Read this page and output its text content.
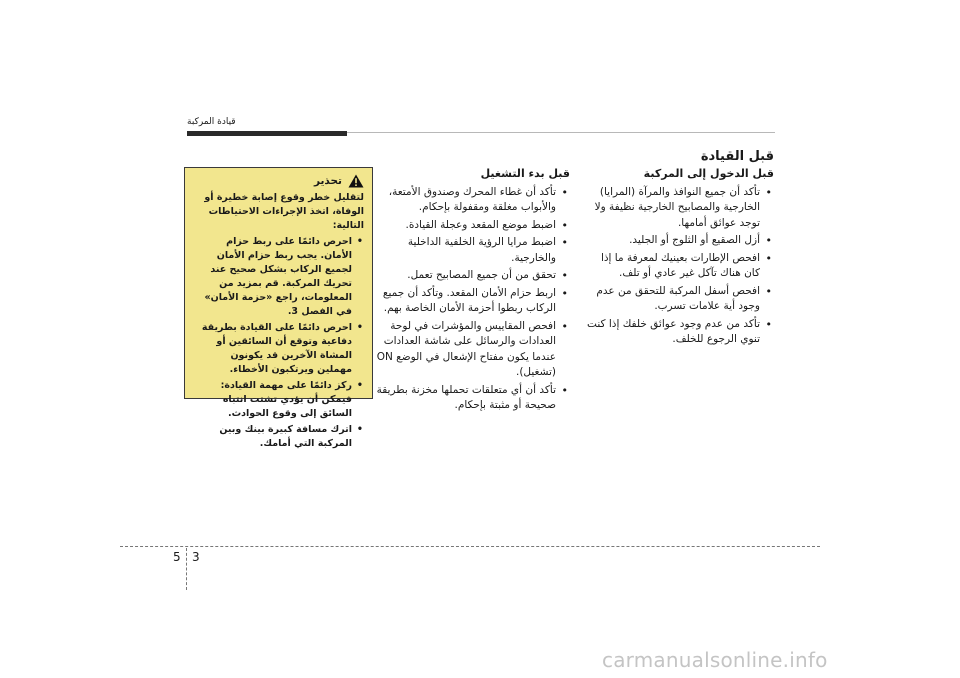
قيادة المركبة
قبل القيادة
قبل الدخول إلى المركبة
• تأكد أن جميع النوافذ والمرآة (المرايا) الخارجية والمصابيح الخارجية نظيفة ولا توجد عوائق أمامها.
• أزل الصقيع أو الثلوج أو الجليد.
• افحص الإطارات بعينيك لمعرفة ما إذا كان هناك تآكل غير عادي أو تلف.
• افحص أسفل المركبة للتحقق من عدم وجود أية علامات تسرب.
• تأكد من عدم وجود عوائق خلفك إذا كنت تنوي الرجوع للخلف.
قبل بدء التشغيل
• تأكد أن غطاء المحرك وصندوق الأمتعة، والأبواب مغلقة ومقفولة بإحكام.
• اضبط موضع المقعد وعجلة القيادة.
• اضبط مرايا الرؤية الخلفية الداخلية والخارجية.
• تحقق من أن جميع المصابيح تعمل.
• اربط حزام الأمان المقعد. وتأكد أن جميع الركاب ربطوا أحزمة الأمان الخاصة بهم.
• افحص المقاييس والمؤشرات في لوحة العدادات والرسائل على شاشة العدادات عندما يكون مفتاح الإشعال في الوضع ON (تشغيل).
• تأكد أن أي متعلقات تحملها مخزنة بطريقة صحيحة أو مثبتة بإحكام.
تحذير

لتقليل خطر وقوع إصابة خطيرة أو الوفاة، اتخذ الإجراءات الاحتياطات التالية:

• احرص دائمًا على ربط حزام الأمان. يجب ربط حزام الأمان لجميع الركاب بشكل صحيح عند تحريك المركبة. قم بمزيد من المعلومات، راجع «حزمة الأمان» في الفصل 3.
• احرص دائمًا على القيادة بطريقة دفاعية وتوقع أن السائقين أو المشاة الآخرين قد يكونون مهملين ويرتكبون الأخطاء.
• ركز دائمًا على مهمة القيادة: فيمكن أن يؤدي تشتت انتباه السائق إلى وقوع الحوادث.
• اترك مسافة كبيرة بينك وبين المركبة التي أمامك.
5 3
carmanualsonline.info
